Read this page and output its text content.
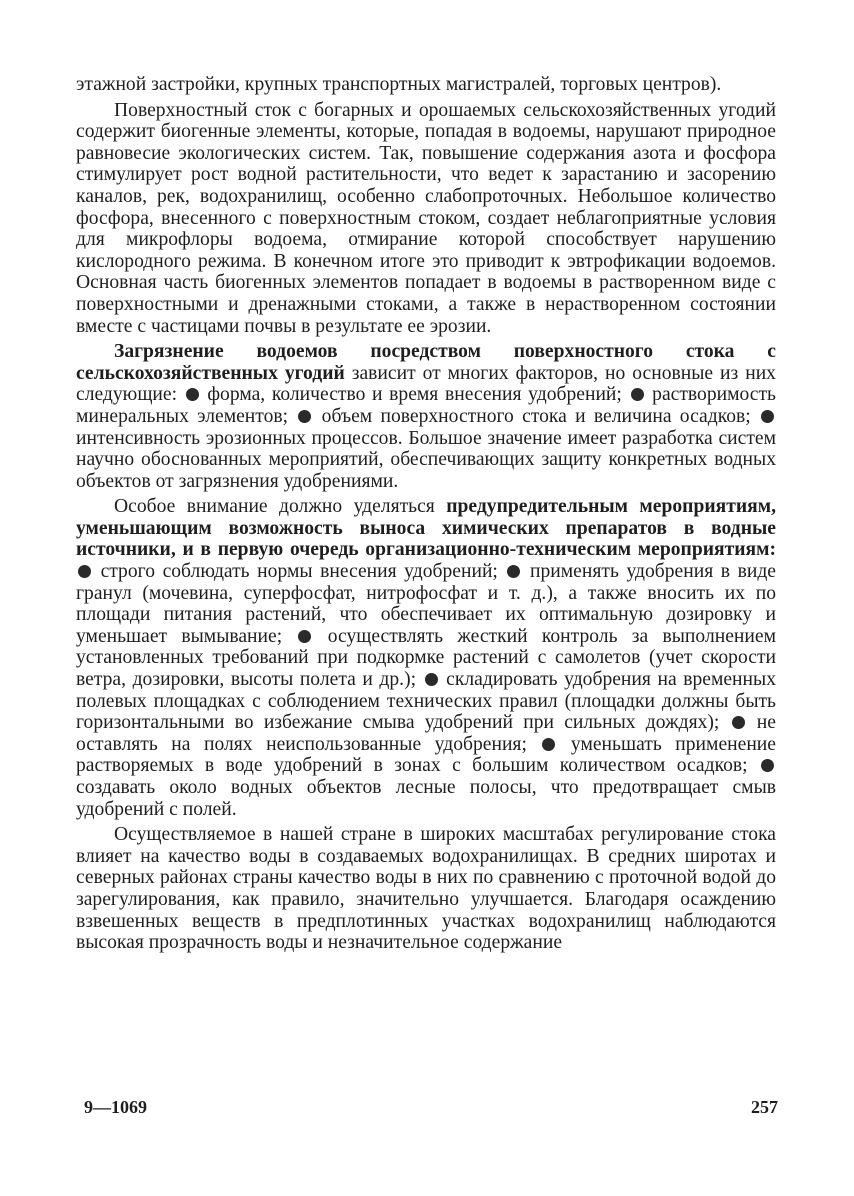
этажной застройки, крупных транспортных магистралей, торговых центров).

Поверхностный сток с богарных и орошаемых сельскохозяйственных угодий содержит биогенные элементы, которые, попадая в водоемы, нарушают природное равновесие экологических систем. Так, повышение содержания азота и фосфора стимулирует рост водной растительности, что ведет к зарастанию и засорению каналов, рек, водохранилищ, особенно слабопроточных. Небольшое количество фосфора, внесенного с поверхностным стоком, создает неблагоприятные условия для микрофлоры водоема, отмирание которой способствует нарушению кислородного режима. В конечном итоге это приводит к эвтрофикации водоемов. Основная часть биогенных элементов попадает в водоемы в растворенном виде с поверхностными и дренажными стоками, а также в нерастворенном состоянии вместе с частицами почвы в результате ее эрозии.

Загрязнение водоемов посредством поверхностного стока с сельскохозяйственных угодий зависит от многих факторов, но основные из них следующие:  форма, количество и время внесения удобрений;  растворимость минеральных элементов;  объем поверхностного стока и величина осадков;  интенсивность эрозионных процессов. Большое значение имеет разработка систем научно обоснованных мероприятий, обеспечивающих защиту конкретных водных объектов от загрязнения удобрениями.

Особое внимание должно уделяться предупредительным мероприятиям, уменьшающим возможность выноса химических препаратов в водные источники, и в первую очередь организационно-техническим мероприятиям: строго соблюдать нормы внесения удобрений;  применять удобрения в виде гранул (мочевина, суперфосфат, нитрофосфат и т. д.), а также вносить их по площади питания растений, что обеспечивает их оптимальную дозировку и уменьшает вымывание;  осуществлять жесткий контроль за выполнением установленных требований при подкормке растений с самолетов (учет скорости ветра, дозировки, высоты полета и др.);  складировать удобрения на временных полевых площадках с соблюдением технических правил (площадки должны быть горизонтальными во избежание смыва удобрений при сильных дождях);  не оставлять на полях неиспользованные удобрения;  уменьшать применение растворяемых в воде удобрений в зонах с большим количеством осадков;  создавать около водных объектов лесные полосы, что предотвращает смыв удобрений с полей.

Осуществляемое в нашей стране в широких масштабах регулирование стока влияет на качество воды в создаваемых водохранилищах. В средних широтах и северных районах страны качество воды в них по сравнению с проточной водой до зарегулирования, как правило, значительно улучшается. Благодаря осаждению взвешенных веществ в предплотинных участках водохранилищ наблюдаются высокая прозрачность воды и незначительное содержание

9—1069	257
